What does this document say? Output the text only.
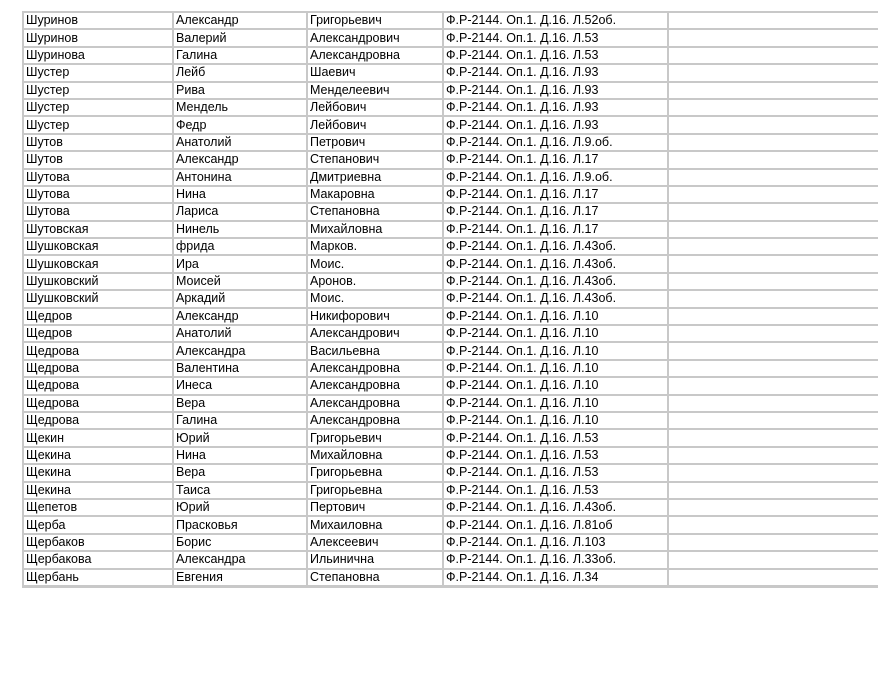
Шуринов	Александр	Григорьевич	Ф.Р-2144. Оп.1. Д.16. Л.52об.	
Шуринов	Валерий	Александрович	Ф.Р-2144. Оп.1. Д.16. Л.53	
Шуринова	Галина	Александровна	Ф.Р-2144. Оп.1. Д.16. Л.53	
Шустер	Лейб	Шаевич	Ф.Р-2144. Оп.1. Д.16. Л.93	
Шустер	Рива	Менделеевич	Ф.Р-2144. Оп.1. Д.16. Л.93	
Шустер	Мендель	Лейбович	Ф.Р-2144. Оп.1. Д.16. Л.93	
Шустер	Федр	Лейбович	Ф.Р-2144. Оп.1. Д.16. Л.93	
Шутов	Анатолий	Петрович	Ф.Р-2144. Оп.1. Д.16. Л.9.об.	
Шутов	Александр	Степанович	Ф.Р-2144. Оп.1. Д.16. Л.17	
Шутова	Антонина	Дмитриевна	Ф.Р-2144. Оп.1. Д.16. Л.9.об.	
Шутова	Нина	Макаровна	Ф.Р-2144. Оп.1. Д.16. Л.17	
Шутова	Лариса	Степановна	Ф.Р-2144. Оп.1. Д.16. Л.17	
Шутовская	Нинель	Михайловна	Ф.Р-2144. Оп.1. Д.16. Л.17	
Шушковская	фрида	Марков.	Ф.Р-2144. Оп.1. Д.16. Л.43об.	
Шушковская	Ира	Моис.	Ф.Р-2144. Оп.1. Д.16. Л.43об.	
Шушковский	Моисей	Аронов.	Ф.Р-2144. Оп.1. Д.16. Л.43об.	
Шушковский	Аркадий	Моис.	Ф.Р-2144. Оп.1. Д.16. Л.43об.	
Щедров	Александр	Никифорович	Ф.Р-2144. Оп.1. Д.16. Л.10	
Щедров	Анатолий	Александрович	Ф.Р-2144. Оп.1. Д.16. Л.10	
Щедрова	Александра	Васильевна	Ф.Р-2144. Оп.1. Д.16. Л.10	
Щедрова	Валентина	Александровна	Ф.Р-2144. Оп.1. Д.16. Л.10	
Щедрова	Инеса	Александровна	Ф.Р-2144. Оп.1. Д.16. Л.10	
Щедрова	Вера	Александровна	Ф.Р-2144. Оп.1. Д.16. Л.10	
Щедрова	Галина	Александровна	Ф.Р-2144. Оп.1. Д.16. Л.10	
Щекин	Юрий	Григорьевич	Ф.Р-2144. Оп.1. Д.16. Л.53	
Щекина	Нина	Михайловна	Ф.Р-2144. Оп.1. Д.16. Л.53	
Щекина	Вера	Григорьевна	Ф.Р-2144. Оп.1. Д.16. Л.53	
Щекина	Таиса	Григорьевна	Ф.Р-2144. Оп.1. Д.16. Л.53	
Щепетов	Юрий	Пертович	Ф.Р-2144. Оп.1. Д.16. Л.43об.	
Щерба	Прасковья	Михаиловна	Ф.Р-2144. Оп.1. Д.16. Л.81об	
Щербаков	Борис	Алексеевич	Ф.Р-2144. Оп.1. Д.16. Л.103	
Щербакова	Александра	Ильинична	Ф.Р-2144. Оп.1. Д.16. Л.33об.	
Щербань	Евгения	Степановна	Ф.Р-2144. Оп.1. Д.16. Л.34	
